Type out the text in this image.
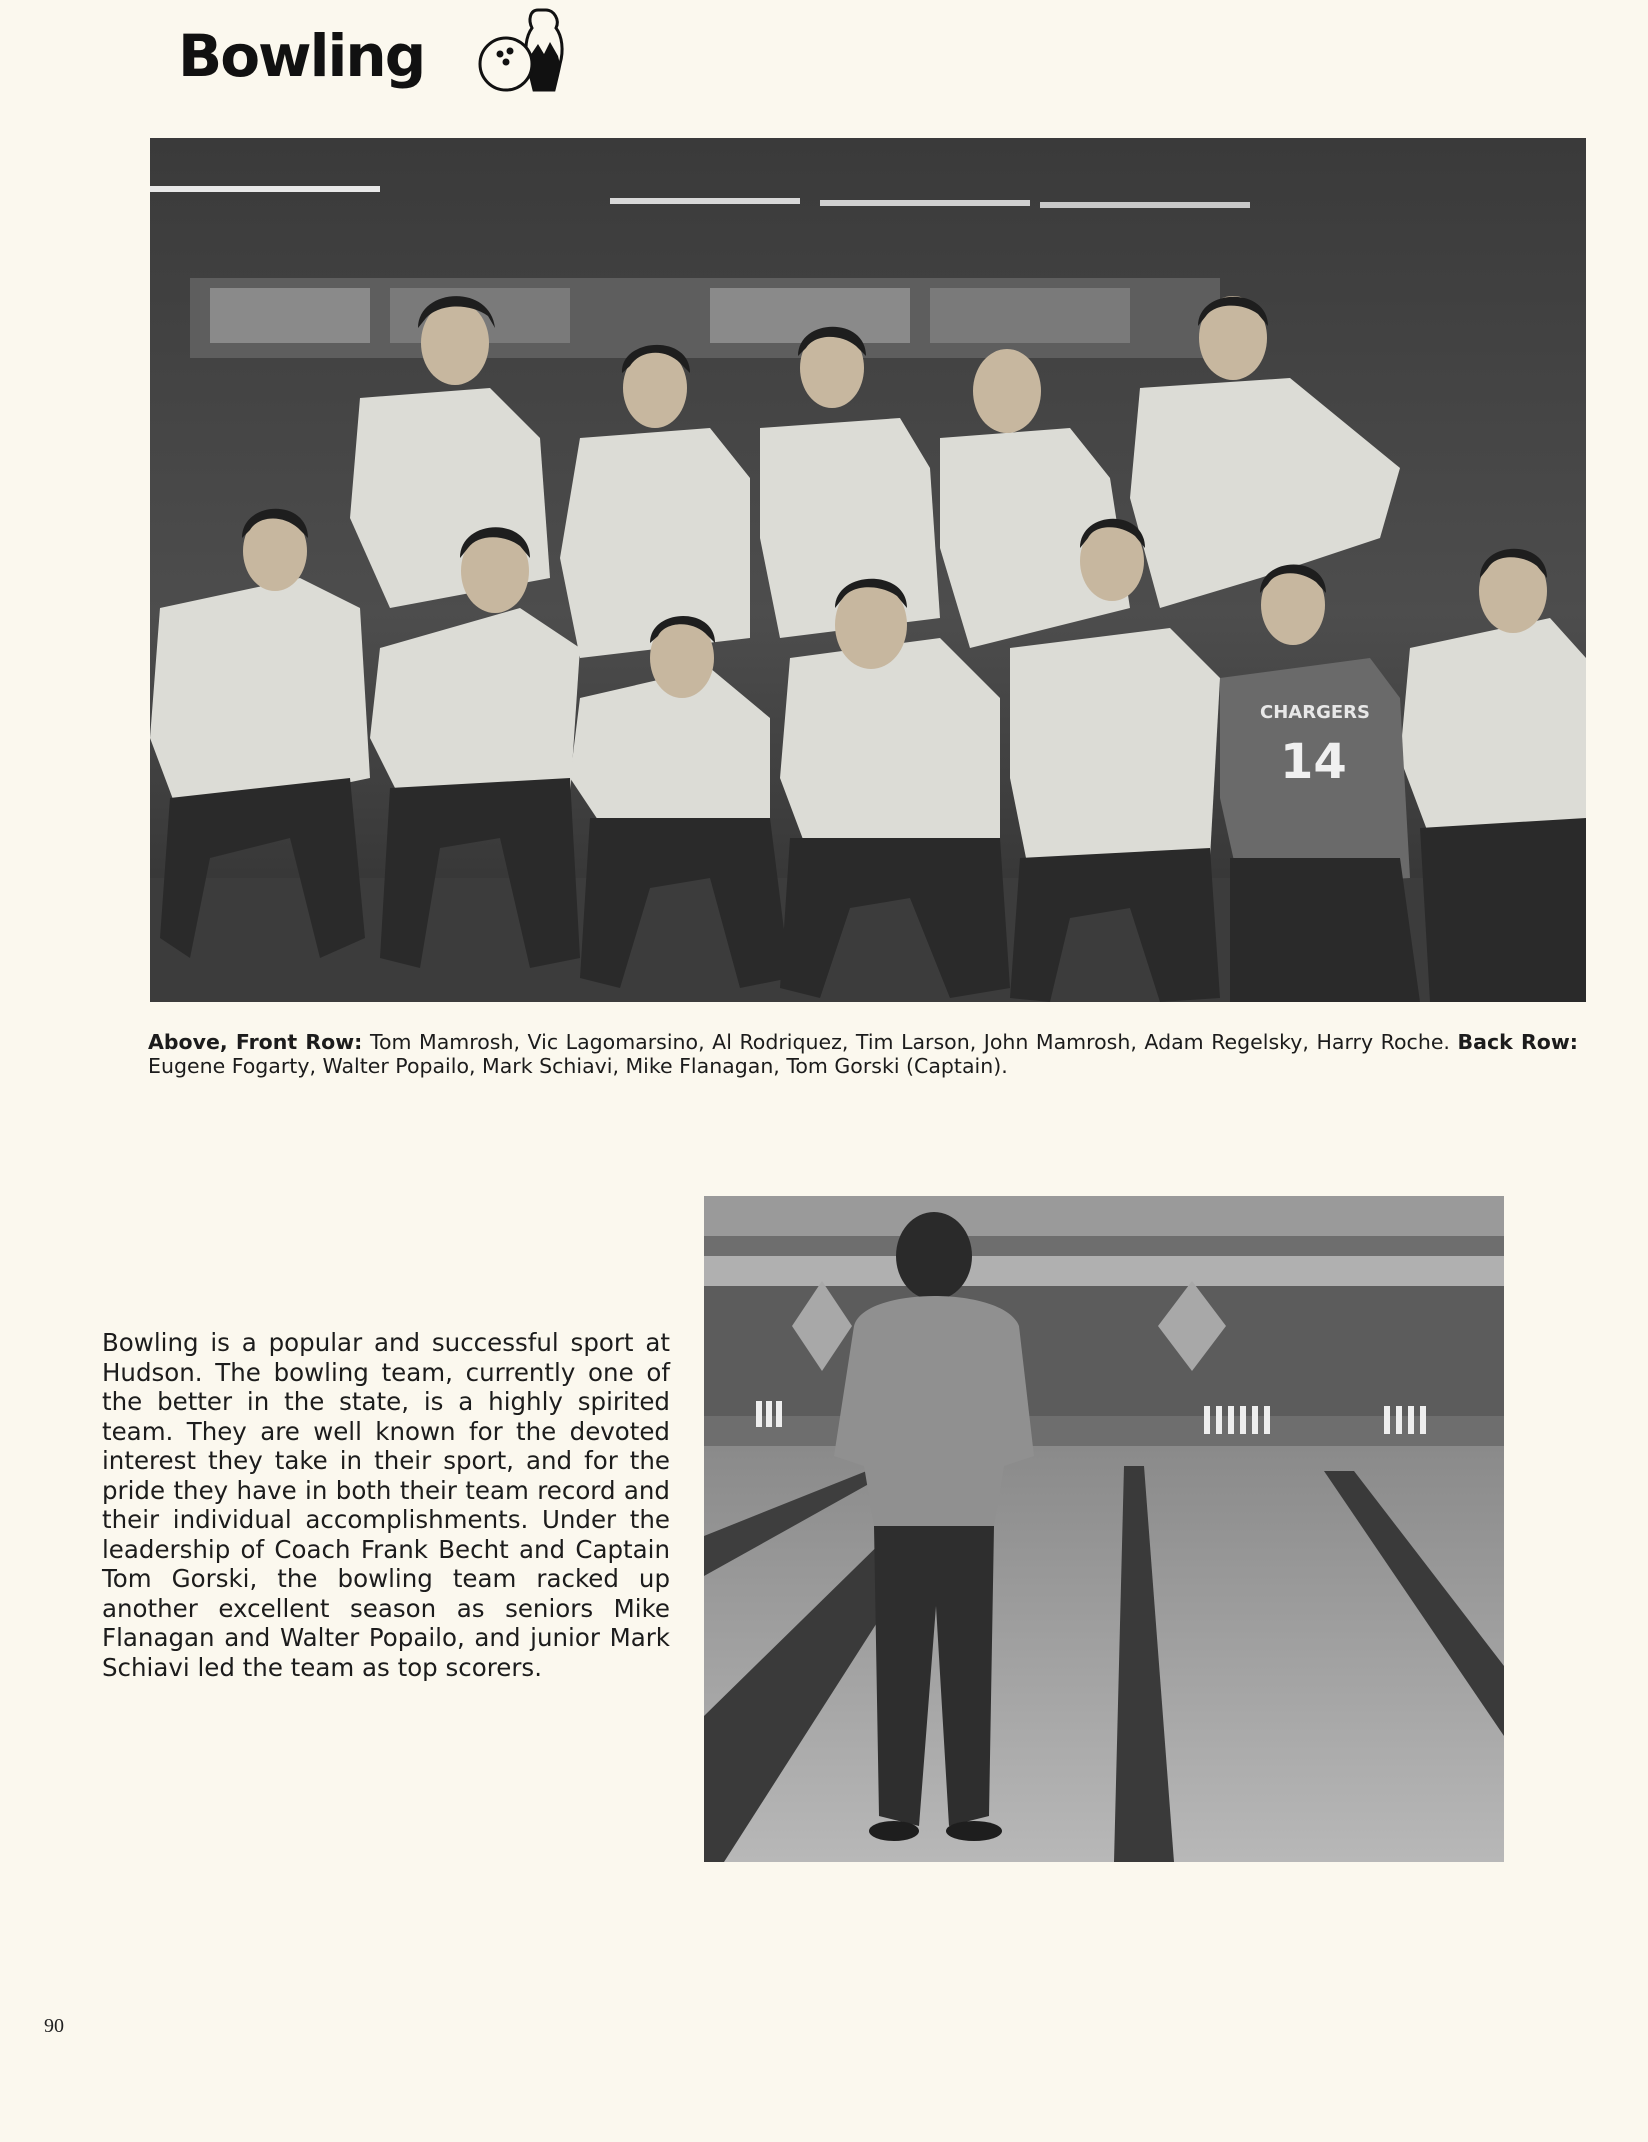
Bowling
CHARGERS
14
Above, Front Row: Tom Mamrosh, Vic Lagomarsino, Al Rodriquez, Tim Larson, John Mamrosh, Adam Regelsky, Harry Roche. Back Row: Eugene Fogarty, Walter Popailo, Mark Schiavi, Mike Flanagan, Tom Gorski (Captain).
Bowling is a popular and successful sport at Hudson. The bowling team, currently one of the better in the state, is a highly spirited team. They are well known for the devoted interest they take in their sport, and for the pride they have in both their team record and their individual accomplishments. Under the leadership of Coach Frank Becht and Captain Tom Gorski, the bowling team racked up another excellent season as seniors Mike Flanagan and Walter Popailo, and junior Mark Schiavi led the team as top scorers.
90
